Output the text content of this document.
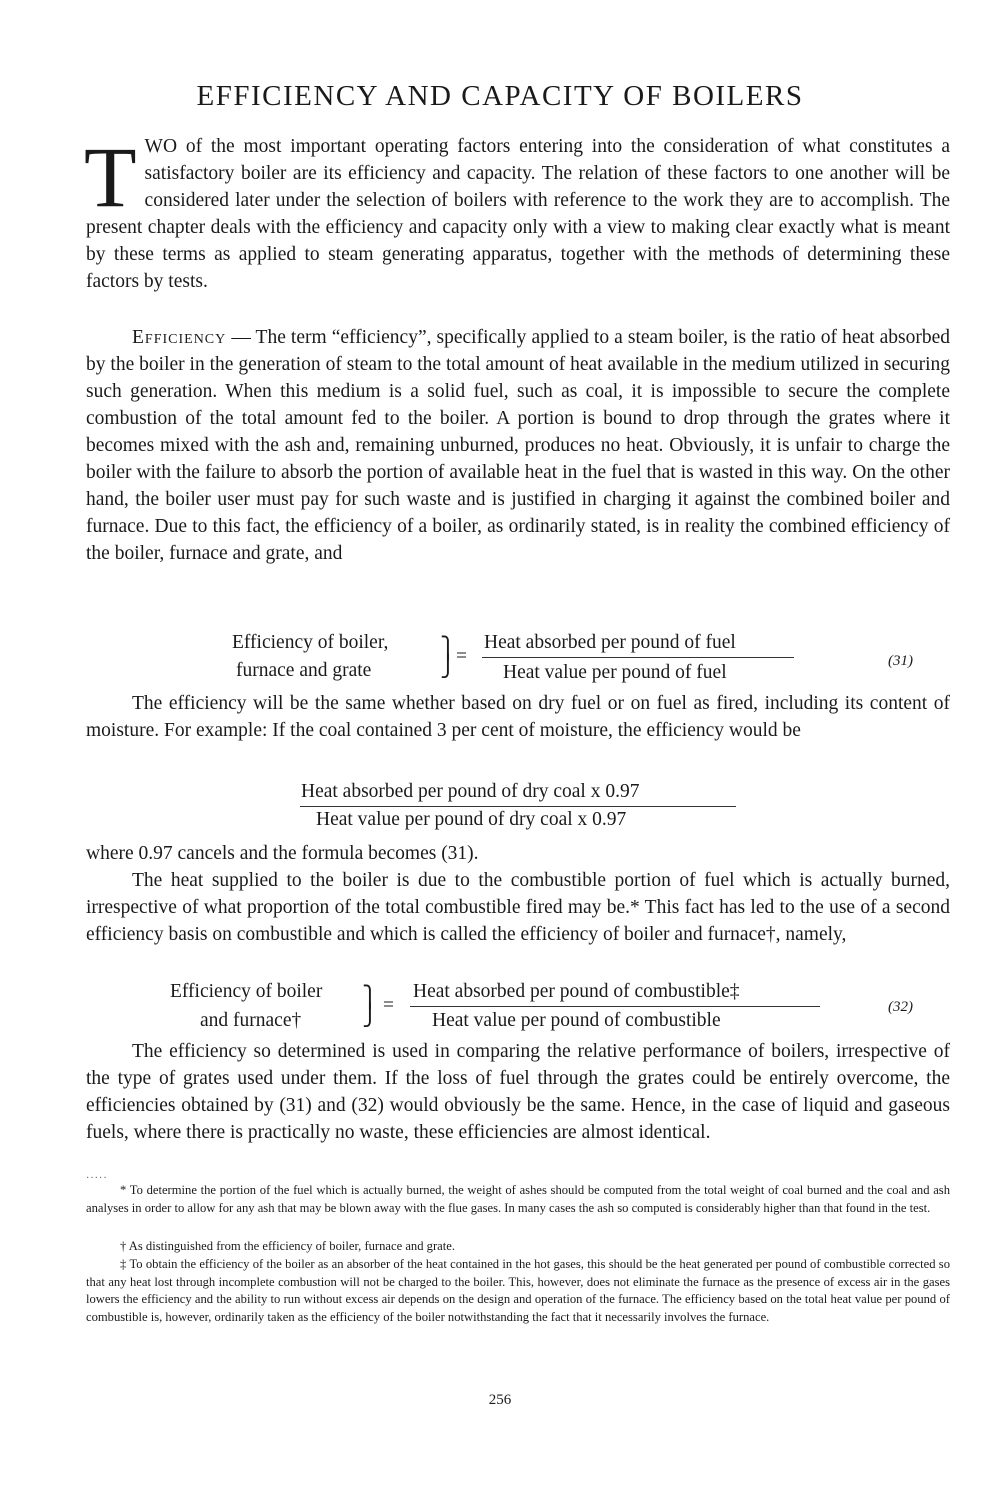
EFFICIENCY AND CAPACITY OF BOILERS

TWO of the most important operating factors entering into the consideration of what constitutes a satisfactory boiler are its efficiency and capacity. The relation of these factors to one another will be considered later under the selection of boilers with reference to the work they are to accomplish. The present chapter deals with the efficiency and capacity only with a view to making clear exactly what is meant by these terms as applied to steam generating apparatus, together with the methods of determining these factors by tests.

Efficiency — The term “efficiency”, specifically applied to a steam boiler, is the ratio of heat absorbed by the boiler in the generation of steam to the total amount of heat available in the medium utilized in securing such generation. When this medium is a solid fuel, such as coal, it is impossible to secure the complete combustion of the total amount fed to the boiler. A portion is bound to drop through the grates where it becomes mixed with the ash and, remaining unburned, produces no heat. Obviously, it is unfair to charge the boiler with the failure to absorb the portion of available heat in the fuel that is wasted in this way. On the other hand, the boiler user must pay for such waste and is justified in charging it against the combined boiler and furnace. Due to this fact, the efficiency of a boiler, as ordinarily stated, is in reality the combined efficiency of the boiler, furnace and grate, and

Efficiency of boiler,
furnace and grate
⎫
⎭ =
Heat absorbed per pound of fuel
Heat value per pound of fuel
(31)

The efficiency will be the same whether based on dry fuel or on fuel as fired, including its content of moisture. For example: If the coal contained 3 per cent of moisture, the efficiency would be

Heat absorbed per pound of dry coal x 0.97
Heat value per pound of dry coal x 0.97

where 0.97 cancels and the formula becomes (31).

The heat supplied to the boiler is due to the combustible portion of fuel which is actually burned, irrespective of what proportion of the total combustible fired may be.* This fact has led to the use of a second efficiency basis on combustible and which is called the efficiency of boiler and furnace†, namely,

Efficiency of boiler
and furnace†
⎫
⎭ =
Heat absorbed per pound of combustible‡
Heat value per pound of combustible
(32)

The efficiency so determined is used in comparing the relative performance of boilers, irrespective of the type of grates used under them. If the loss of fuel through the grates could be entirely overcome, the efficiencies obtained by (31) and (32) would obviously be the same. Hence, in the case of liquid and gaseous fuels, where there is practically no waste, these efficiencies are almost identical.

·····

* To determine the portion of the fuel which is actually burned, the weight of ashes should be computed from the total weight of coal burned and the coal and ash analyses in order to allow for any ash that may be blown away with the flue gases. In many cases the ash so computed is considerably higher than that found in the test.

† As distinguished from the efficiency of boiler, furnace and grate.

‡ To obtain the efficiency of the boiler as an absorber of the heat contained in the hot gases, this should be the heat generated per pound of combustible corrected so that any heat lost through incomplete combustion will not be charged to the boiler. This, however, does not eliminate the furnace as the presence of excess air in the gases lowers the efficiency and the ability to run without excess air depends on the design and operation of the furnace. The efficiency based on the total heat value per pound of combustible is, however, ordinarily taken as the efficiency of the boiler notwithstanding the fact that it necessarily involves the furnace.

256
